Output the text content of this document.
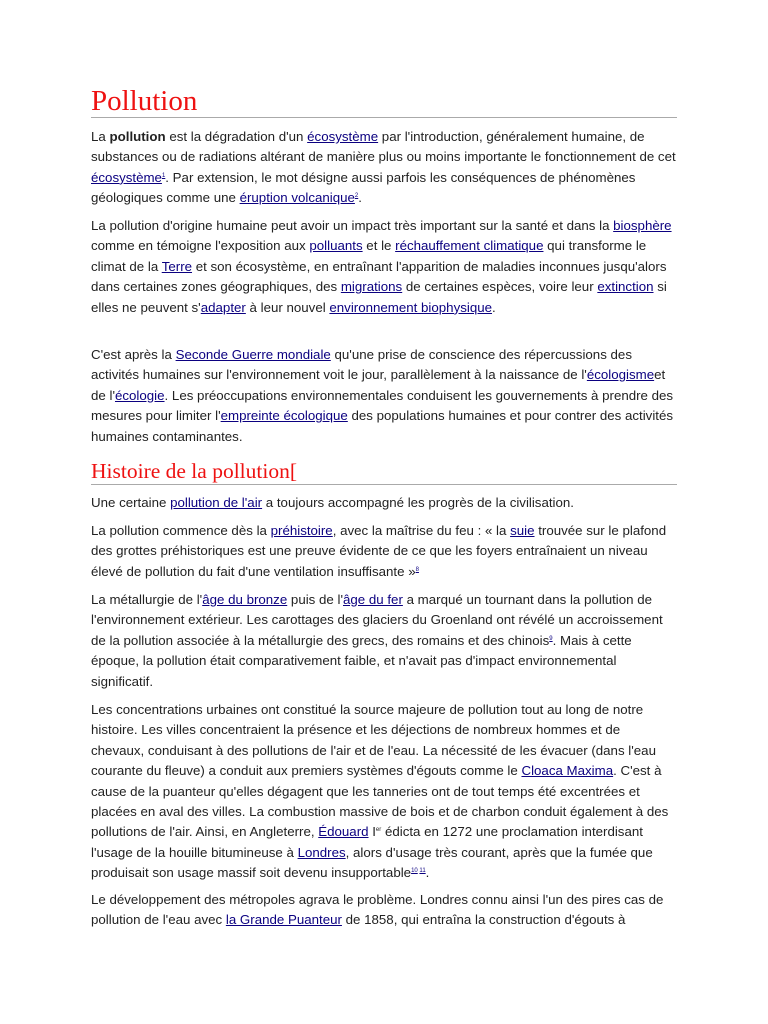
Pollution

La pollution est la dégradation d'un écosystème par l'introduction, généralement humaine, de substances ou de radiations altérant de manière plus ou moins importante le fonctionnement de cet écosystème$^1$. Par extension, le mot désigne aussi parfois les conséquences de phénomènes géologiques comme une éruption volcanique$^2$.

La pollution d'origine humaine peut avoir un impact très important sur la santé et dans la biosphère comme en témoigne l'exposition aux polluants et le réchauffement climatique qui transforme le climat de la Terre et son écosystème, en entraînant l'apparition de maladies inconnues jusqu'alors dans certaines zones géographiques, des migrations de certaines espèces, voire leur extinction si elles ne peuvent s'adapter à leur nouvel environnement biophysique.

C'est après la Seconde Guerre mondiale qu'une prise de conscience des répercussions des activités humaines sur l'environnement voit le jour, parallèlement à la naissance de l'écologismeet de l'écologie. Les préoccupations environnementales conduisent les gouvernements à prendre des mesures pour limiter l'empreinte écologique des populations humaines et pour contrer des activités humaines contaminantes.

Histoire de la pollution[

Une certaine pollution de l'air a toujours accompagné les progrès de la civilisation.

La pollution commence dès la préhistoire, avec la maîtrise du feu : « la suie trouvée sur le plafond des grottes préhistoriques est une preuve évidente de ce que les foyers entraînaient un niveau élevé de pollution du fait d'une ventilation insuffisante »$^8$

La métallurgie de l'âge du bronze puis de l'âge du fer a marqué un tournant dans la pollution de l'environnement extérieur. Les carottages des glaciers du Groenland ont révélé un accroissement de la pollution associée à la métallurgie des grecs, des romains et des chinois$^9$. Mais à cette époque, la pollution était comparativement faible, et n'avait pas d'impact environnemental significatif.

Les concentrations urbaines ont constitué la source majeure de pollution tout au long de notre histoire. Les villes concentraient la présence et les déjections de nombreux hommes et de chevaux, conduisant à des pollutions de l'air et de l'eau. La nécessité de les évacuer (dans l'eau courante du fleuve) a conduit aux premiers systèmes d'égouts comme le Cloaca Maxima. C'est à cause de la puanteur qu'elles dégagent que les tanneries ont de tout temps été excentrées et placées en aval des villes. La combustion massive de bois et de charbon conduit également à des pollutions de l'air. Ainsi, en Angleterre, Édouard Ier édicta en 1272 une proclamation interdisant l'usage de la houille bitumineuse à Londres, alors d'usage très courant, après que la fumée que produisait son usage massif soit devenu insupportable$^{10 11}$.

Le développement des métropoles agrava le problème. Londres connu ainsi l'un des pires cas de pollution de l'eau avec la Grande Puanteur de 1858, qui entraîna la construction d'égouts à
